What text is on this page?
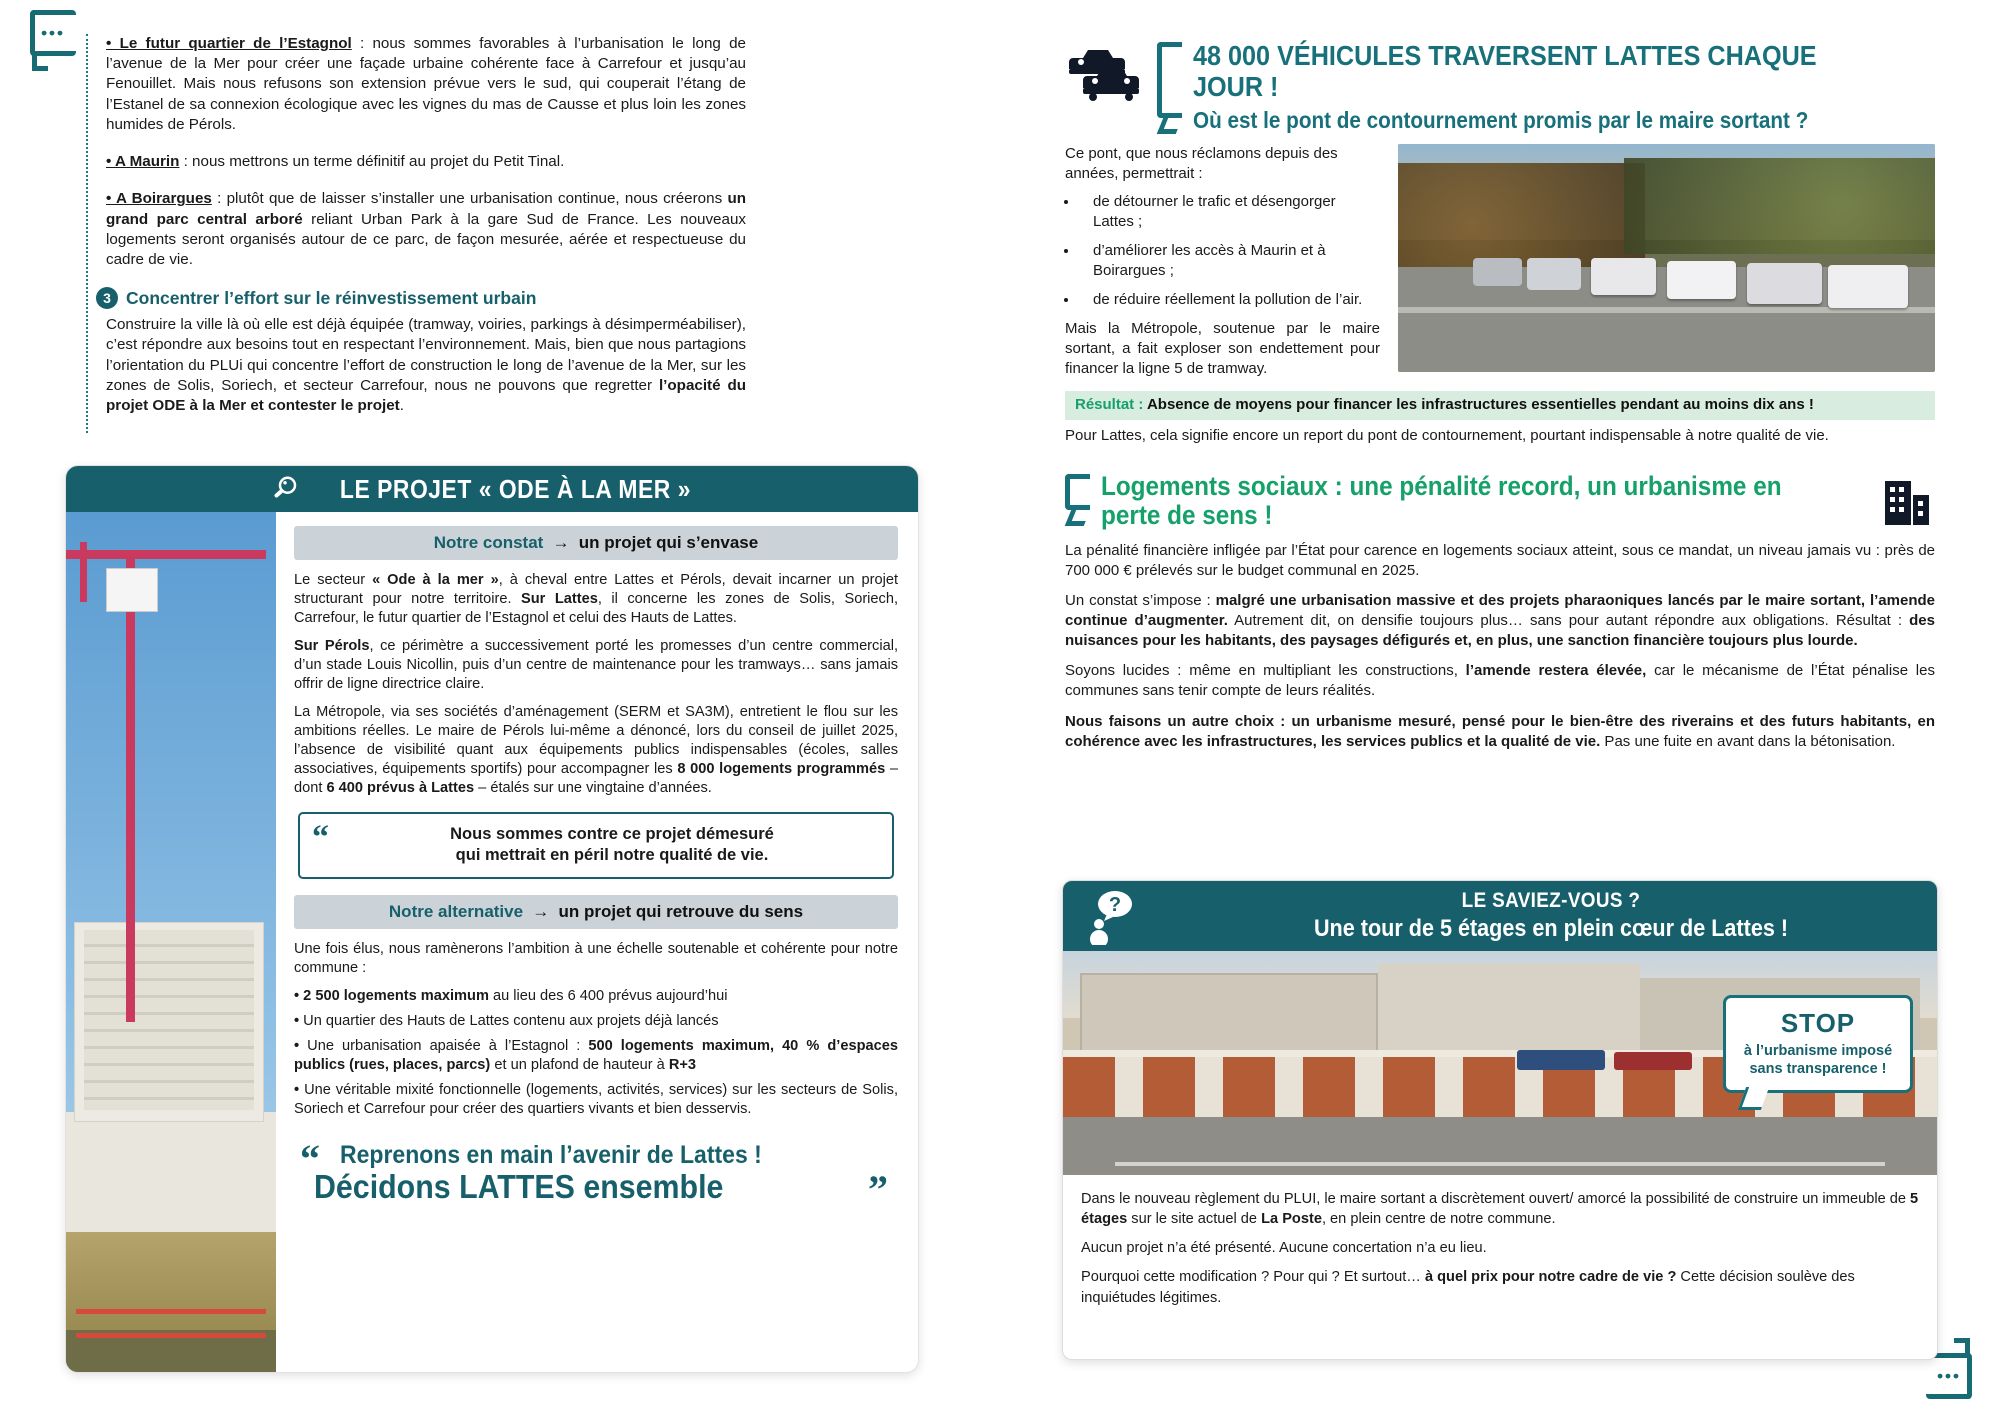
•••
•••
• Le futur quartier de l’Estagnol : nous sommes favorables à l’urbanisation le long de l’avenue de la Mer pour créer une façade urbaine cohérente face à Carrefour et jusqu’au Fenouillet. Mais nous refusons son extension prévue vers le sud, qui couperait l’étang de l’Estanel de sa connexion écologique avec les vignes du mas de Causse et plus loin les zones humides de Pérols.
• A Maurin : nous mettrons un terme définitif au projet du Petit Tinal.
• A Boirargues : plutôt que de laisser s’installer une urbanisation continue, nous créerons un grand parc central arboré reliant Urban Park à la gare Sud de France. Les nouveaux logements seront organisés autour de ce parc, de façon mesurée, aérée et respectueuse du cadre de vie.
3 Concentrer l’effort sur le réinvestissement urbain
Construire la ville là où elle est déjà équipée (tramway, voiries, parkings à désimperméabiliser), c’est répondre aux besoins tout en respectant l’environnement. Mais, bien que nous partagions l’orientation du PLUi qui concentre l’effort de construction le long de l’avenue de la Mer, sur les zones de Solis, Soriech, et secteur Carrefour, nous ne pouvons que regretter l’opacité du projet ODE à la Mer et contester le projet.
LE PROJET « ODE À LA MER »
Notre constat → un projet qui s’envase

Le secteur « Ode à la mer », à cheval entre Lattes et Pérols, devait incarner un projet structurant pour notre territoire. Sur Lattes, il concerne les zones de Solis, Soriech, Carrefour, le futur quartier de l’Estagnol et celui des Hauts de Lattes.

Sur Pérols, ce périmètre a successivement porté les promesses d’un centre commercial, d’un stade Louis Nicollin, puis d’un centre de maintenance pour les tramways… sans jamais offrir de ligne directrice claire.

La Métropole, via ses sociétés d’aménagement (SERM et SA3M), entretient le flou sur les ambitions réelles. Le maire de Pérols lui-même a dénoncé, lors du conseil de juillet 2025, l’absence de visibilité quant aux équipements publics indispensables (écoles, salles associatives, équipements sportifs) pour accompagner les 8 000 logements programmés – dont 6 400 prévus à Lattes – étalés sur une vingtaine d’années.

“	Nous sommes contre ce projet démesuré
qui mettrait en péril notre qualité de vie.
Notre alternative → un projet qui retrouve du sens

Une fois élus, nous ramènerons l’ambition à une échelle soutenable et cohérente pour notre commune :

• 2 500 logements maximum au lieu des 6 400 prévus aujourd’hui
• Un quartier des Hauts de Lattes contenu aux projets déjà lancés
• Une urbanisation apaisée à l’Estagnol : 500 logements maximum, 40 % d’espaces publics (rues, places, parcs) et un plafond de hauteur à R+3
• Une véritable mixité fonctionnelle (logements, activités, services) sur les secteurs de Solis, Soriech et Carrefour pour créer des quartiers vivants et bien desservis.
“ Reprenons en main l’avenir de Lattes !
Décidons LATTES ensemble	”
48 000 VÉHICULES TRAVERSENT LATTES CHAQUE JOUR !
Où est le pont de contournement promis par le maire sortant ?
Ce pont, que nous réclamons depuis des années, permettrait :
• de détourner le trafic et désengorger Lattes ;
• d’améliorer les accès à Maurin et à Boirargues ;
• de réduire réellement la pollution de l’air.
Mais la Métropole, soutenue par le maire sortant, a fait exploser son endettement pour financer la ligne 5 de tramway.
Résultat : Absence de moyens pour financer les infrastructures essentielles pendant au moins dix ans !
Pour Lattes, cela signifie encore un report du pont de contournement, pourtant indispensable à notre qualité de vie.
Logements sociaux : une pénalité record, un urbanisme en perte de sens !

La pénalité financière infligée par l’État pour carence en logements sociaux atteint, sous ce mandat, un niveau jamais vu : près de 700 000 € prélevés sur le budget communal en 2025.

Un constat s’impose : malgré une urbanisation massive et des projets pharaoniques lancés par le maire sortant, l’amende continue d’augmenter. Autrement dit, on densifie toujours plus… sans pour autant répondre aux obligations. Résultat : des nuisances pour les habitants, des paysages défigurés et, en plus, une sanction financière toujours plus lourde.

Soyons lucides : même en multipliant les constructions, l’amende restera élevée, car le mécanisme de l’État pénalise les communes sans tenir compte de leurs réalités.

Nous faisons un autre choix : un urbanisme mesuré, pensé pour le bien-être des riverains et des futurs habitants, en cohérence avec les infrastructures, les services publics et la qualité de vie. Pas une fuite en avant dans la bétonisation.

?	LE SAVIEZ-VOUS ?
Une tour de 5 étages en plein cœur de Lattes !
STOP
à l’urbanisme imposé sans transparence !

Dans le nouveau règlement du PLUI, le maire sortant a discrètement ouvert/ amorcé la possibilité de construire un immeuble de 5 étages sur le site actuel de La Poste, en plein centre de notre commune.

Aucun projet n’a été présenté. Aucune concertation n’a eu lieu.

Pourquoi cette modification ? Pour qui ? Et surtout… à quel prix pour notre cadre de vie ? Cette décision soulève des inquiétudes légitimes.
